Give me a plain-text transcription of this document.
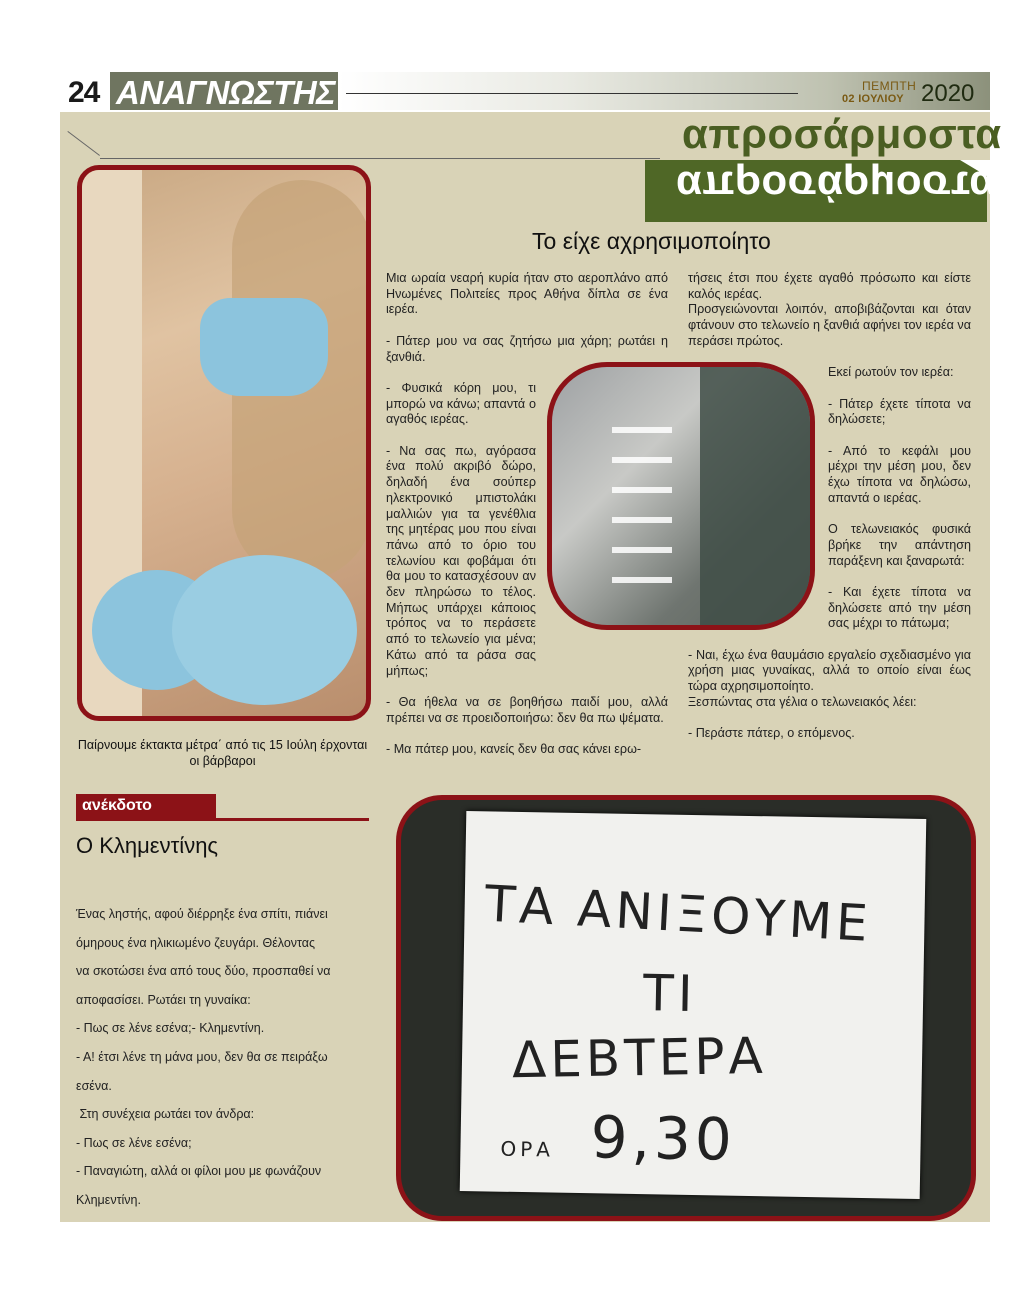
24 ΑΝΑΓΝΩΣΤΗΣ	ΠΕΜΠΤΗ
02 ΙΟΥΛΙΟΥ 2020
απροσάρμοστα
απροσάρμοστα
Παίρνουμε έκτακτα μέτρα΄ από τις 15 Ιούλη έρχονται οι βάρβαροι
Το είχε αχρησιμοποίητο

Μια ωραία νεαρή κυρία ήταν στο αεροπλάνο από Ηνωμένες Πολιτείες προς Αθήνα δίπλα σε ένα ιερέα.

- Πάτερ μου να σας ζητήσω μια χάρη; ρωτάει η ξανθιά.

- Φυσικά κόρη μου, τι μπορώ να κάνω; απαντά ο αγαθός ιερέας.

- Να σας πω, αγόρασα ένα πολύ ακριβό δώρο, δηλαδή ένα σούπερ ηλεκτρονικό μπιστολάκι μαλλιών για τα γενέθλια της μητέρας μου που είναι πάνω από το όριο του τελωνίου και φοβάμαι ότι θα μου το κατασχέσουν αν δεν πληρώσω το τέλος. Μήπως υπάρχει κάποιος τρόπος να το περάσετε από το τελωνείο για μένα; Κάτω από τα ράσα σας μήπως;

- Θα ήθελα να σε βοηθήσω παιδί μου, αλλά πρέπει να σε προειδοποιήσω: δεν θα πω ψέματα.

- Μα πάτερ μου, κανείς δεν θα σας κάνει ερω-

τήσεις έτσι που έχετε αγαθό πρόσωπο και είστε καλός ιερέας.
Προσγειώνονται λοιπόν, αποβιβάζονται και όταν φτάνουν στο τελωνείο η ξανθιά αφήνει τον ιερέα να περάσει πρώτος.

Εκεί ρωτούν τον ιερέα:

- Πάτερ έχετε τίποτα να δηλώσετε;

- Από το κεφάλι μου μέχρι την μέση μου, δεν έχω τίποτα να δηλώσω, απαντά ο ιερέας.

Ο τελωνειακός φυσικά βρήκε την απάντηση παράξενη και ξαναρωτά:

- Και έχετε τίποτα να δηλώσετε από την μέση σας μέχρι το πάτωμα;

- Ναι, έχω ένα θαυμάσιο εργαλείο σχεδιασμένο για χρήση μιας γυναίκας, αλλά το οποίο είναι έως τώρα αχρησιμοποίητο.
Ξεσπώντας στα γέλια ο τελωνειακός λέει:

- Περάστε πάτερ, ο επόμενος.

ανέκδοτο
Ο Κλημεντίνης
Ένας ληστής, αφού διέρρηξε ένα σπίτι, πιάνει
όμηρους ένα ηλικιωμένο ζευγάρι. Θέλοντας
να σκοτώσει ένα από τους δύο, προσπαθεί να
αποφασίσει. Ρωτάει τη γυναίκα:
- Πως σε λένε εσένα;- Κλημεντίνη.
- Α! έτσι λένε τη μάνα μου, δεν θα σε πειράξω
εσένα.
Στη συνέχεια ρωτάει τον άνδρα:
- Πως σε λένε εσένα;
- Παναγιώτη, αλλά οι φίλοι μου με φωνάζουν
Κλημεντίνη.
ΤΑ ΑΝΙΞΟΥΜΕ
ΤΙ
ΔΕΒΤΕΡΑ
9,30
ΟΡΑ
